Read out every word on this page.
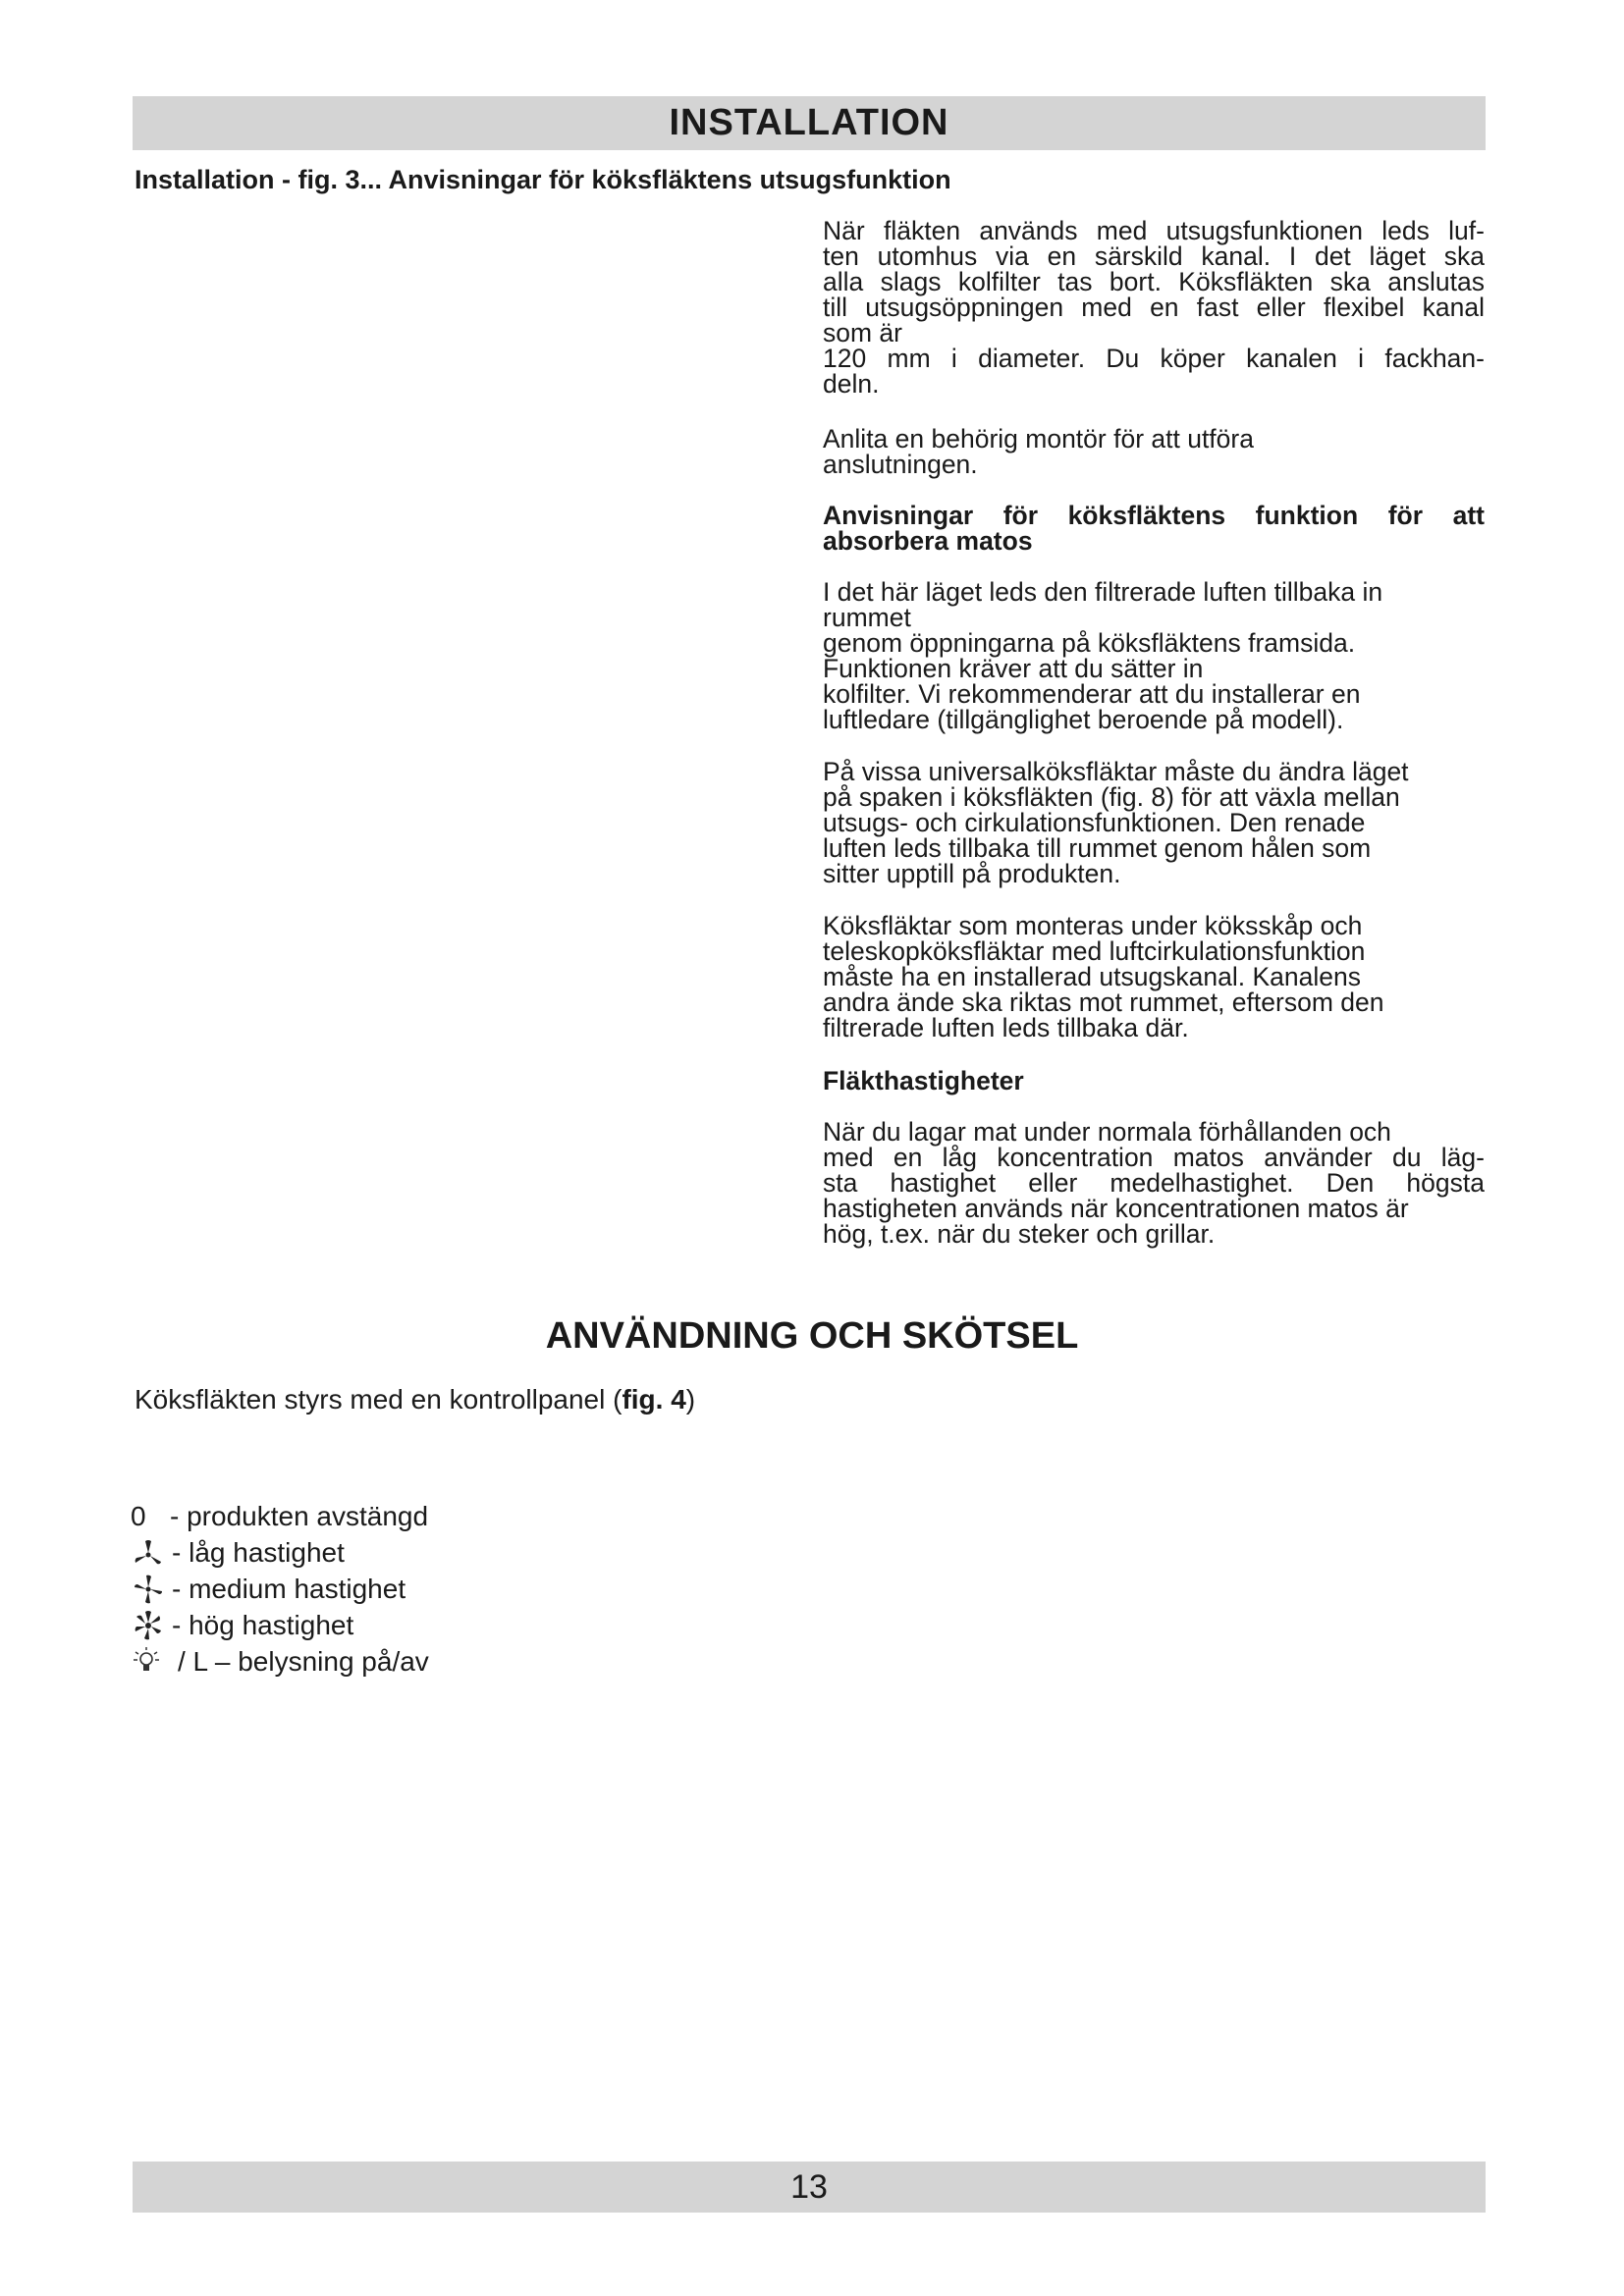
INSTALLATION
Installation - fig. 3... Anvisningar för köksfläktens utsugsfunktion

När fläkten används med utsugsfunktionen leds luf-

ten utomhus via en särskild kanal. I det läget ska

alla slags kolfilter tas bort. Köksfläkten ska anslutas

till utsugsöppningen med en fast eller flexibel kanal

som är

120 mm i diameter. Du köper kanalen i fackhan-

deln.

Anlita en behörig montör för att utföra

anslutningen.

Anvisningar för köksfläktens funktion för att
absorbera matos

I det här läget leds den filtrerade luften tillbaka in

rummet

genom öppningarna på köksfläktens framsida.

Funktionen kräver att du sätter in

kolfilter. Vi rekommenderar att du installerar en

luftledare (tillgänglighet beroende på modell).

På vissa universalköksfläktar måste du ändra läget

på spaken i köksfläkten (fig. 8) för att växla mellan

utsugs- och cirkulationsfunktionen. Den renade

luften leds tillbaka till rummet genom hålen som

sitter upptill på produkten.

Köksfläktar som monteras under köksskåp och

teleskopköksfläktar med luftcirkulationsfunktion

måste ha en installerad utsugskanal. Kanalens

andra ände ska riktas mot rummet, eftersom den

filtrerade luften leds tillbaka där.

Fläkthastigheter

När du lagar mat under normala förhållanden och

med en låg koncentration matos använder du läg-

sta hastighet eller medelhastighet. Den högsta

hastigheten används när koncentrationen matos är

hög, t.ex. när du steker och grillar.

ANVÄNDNING OCH SKÖTSEL
Köksfläkten styrs med en kontrollpanel (fig. 4)
0 - produkten avstängd
- låg hastighet
- medium hastighet
- hög hastighet
/ L – belysning på/av
13
